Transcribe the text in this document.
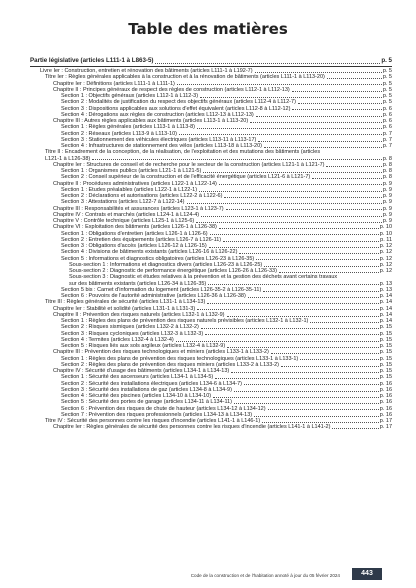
Table des matières
Partie législative (articles L111-1 à L863-5)	p. 5
Livre Ier : Construction, entretien et rénovation des bâtiments (articles L111-1 à L192-7)	p. 5
Titre Ier : Règles générales applicables à la construction et à la rénovation de bâtiments (articles L111-1 à L113-20)	p. 5
Chapitre Ier : Définitions (articles L111-1 à L111-1)	p. 5
Chapitre II : Principes généraux de respect des règles de construction (articles L112-1 à L112-13)	p. 5
Section 1 : Objectifs généraux (articles L112-1 à L112-3)	p. 5
Section 2 : Modalités de justification du respect des objectifs généraux (articles L112-4 à L112-7)	p. 5
Section 3 : Dispositions applicables aux solutions d'effet équivalent (articles L112-8 à L112-12)	p. 6
Section 4 : Dérogations aux règles de construction (articles L112-13 à L112-13)	p. 6
Chapitre III : Autres règles applicables aux bâtiments (articles L113-1 à L113-20)	p. 6
Section 1 : Règles générales (articles L113-1 à L113-8)	p. 6
Section 2 : Réseaux (articles L113-9 à L113-10)	p. 7
Section 3 : Stationnement des véhicules électriques (articles L113-11 à L113-17)	p. 7
Section 4 : Infrastructures de stationnement des vélos (articles L113-18 à L113-20)	p. 7
Titre II : Encadrement de la conception, de la réalisation, de l'exploitation et des mutations des bâtiments (articles
L121-1 à L126-38)	p. 8
Chapitre Ier : Structures de conseil et de recherche pour le secteur de la construction (articles L121-1 à L121-7)	p. 8
Section 1 : Organismes publics (articles L121-1 à L121-5)	p. 8
Section 2 : Conseil supérieur de la construction et de l'efficacité énergétique (articles L121-6 à L121-7)	p. 8
Chapitre II : Procédures administratives (articles L122-1 à L122-14)	p. 9
Section 1 : Etudes préalables (articles L122-1 à L122-1)	p. 9
Section 2 : Déclarations et autorisations (articles L122-2 à L122-6)	p. 9
Section 3 : Attestations (articles L122-7 à L122-14)	p. 9
Chapitre III : Responsabilités et assurances (articles L123-1 à L123-7)	p. 9
Chapitre IV : Contrats et marchés (articles L124-1 à L124-4)	p. 9
Chapitre V : Contrôle technique (articles L125-1 à L125-6)	p. 9
Chapitre VI : Exploitation des bâtiments (articles L126-1 à L126-38)	p. 10
Section 1 : Obligations d'entretien (articles L126-1 à L126-6)	p. 10
Section 2 : Entretien des équipements (articles L126-7 à L126-11)	p. 11
Section 3 : Obligations d'accès (articles L126-12 à L126-15)	p. 12
Section 4 : Divisions de bâtiments existants (articles L126-16 à L126-22)	p. 12
Section 5 : Informations et diagnostics obligatoires (articles L126-23 à L126-35)	p. 12
Sous-section 1 : Informations et diagnostics divers (articles L126-23 à L126-25)	p. 12
Sous-section 2 : Diagnostic de performance énergétique (articles L126-26 à L126-33)	p. 12
Sous-section 3 : Diagnostic et études relatives à la prévention et la gestion des déchets avant certains travaux
sur des bâtiments existants (articles L126-34 à L126-35)	p. 13
Section 5 bis : Carnet d'information du logement (articles L126-35-2 à L126-35-11)	p. 13
Section 6 : Pouvoirs de l'autorité administrative (articles L126-36 à L126-38)	p. 14
Titre III : Règles générales de sécurité (articles L131-1 à L134-13)	p. 14
Chapitre Ier : Stabilité et solidité (articles L131-1 à L131-3)	p. 14
Chapitre II : Prévention des risques naturels (articles L132-1 à L132-9)	p. 14
Section 1 : Règles des plans de prévention des risques naturels prévisibles (articles L132-1 à L132-1)	p. 14
Section 2 : Risques sismiques (articles L132-2 à L132-2)	p. 15
Section 3 : Risques cycloniques (articles L132-3 à L132-3)	p. 15
Section 4 : Termites (articles L132-4 à L132-4)	p. 15
Section 5 : Risques liés aux sols argileux (articles L132-4 à L132-9)	p. 15
Chapitre III : Prévention des risques technologiques et miniers (articles L133-1 à L133-2)	p. 15
Section 1 : Règles des plans de prévention des risques technologiques (articles L133-1 à L133-1)	p. 15
Section 2 : Règles des plans de prévention des risques miniers (articles L133-2 à L133-2)	p. 15
Chapitre IV : Sécurité d'usage des bâtiments (articles L134-1 à L134-13)	p. 15
Section 1 : Sécurité des ascenseurs (articles L134-1 à L134-5)	p. 15
Section 2 : Sécurité des installations électriques (articles L134-6 à L134-7)	p. 16
Section 3 : Sécurité des installations de gaz (articles L134-8 à L134-9)	p. 16
Section 4 : Sécurité des piscines (articles L134-10 à L134-10)	p. 16
Section 5 : Sécurité des portes de garage (articles L134-11 à L134-11)	p. 16
Section 6 : Prévention des risques de chute de hauteur (articles L134-12 à L134-12)	p. 16
Section 7 : Prévention des risques professionnels (articles L134-13 à L134-13)	p. 16
Titre IV : Sécurité des personnes contre les risques d'incendie (articles L141-1 à L146-1)	p. 17
Chapitre Ier : Règles générales de sécurité des personnes contre les risques d'incendie (articles L141-1 à L141-2)	p. 17
Code de la construction et de l'habitation annoté à jour du 05 février 2024	443
